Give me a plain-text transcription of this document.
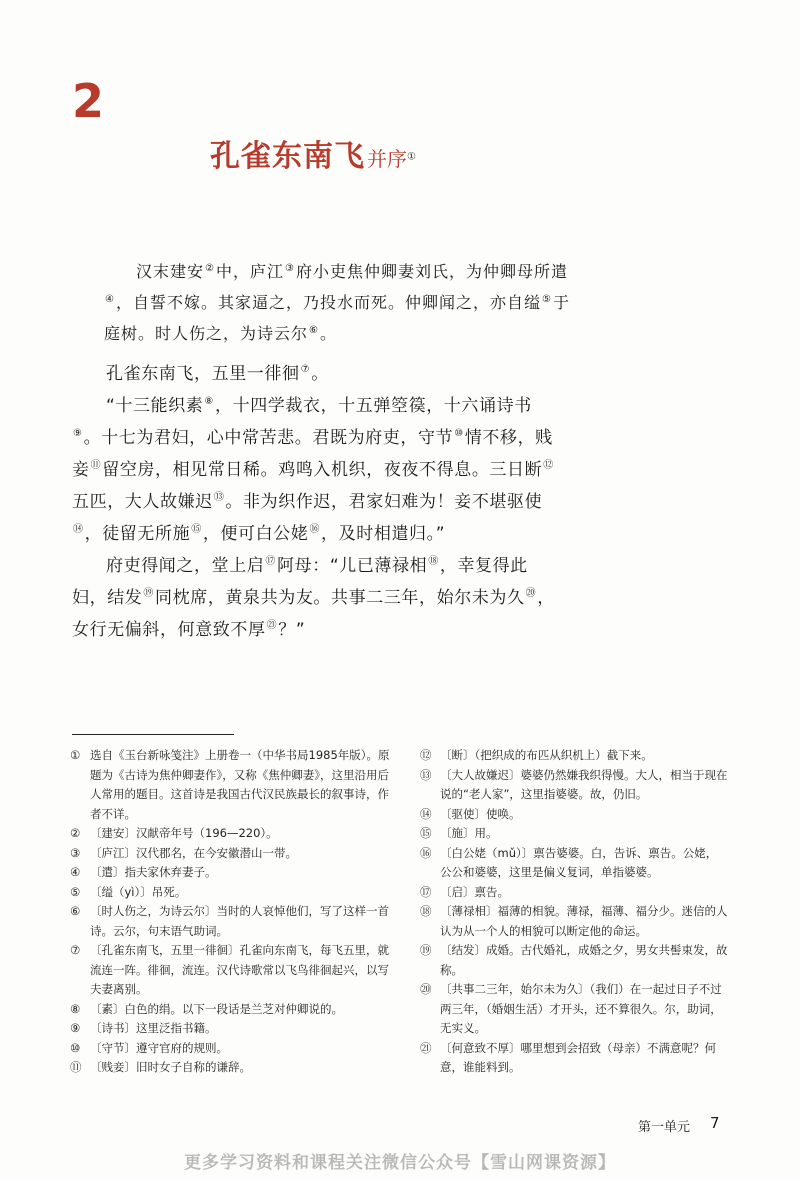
2
孔雀东南飞 并序①

汉末建安②中，庐江③府小吏焦仲卿妻刘氏，为仲卿母所遣④，自誓不嫁。其家逼之，乃投水而死。仲卿闻之，亦自缢⑤于庭树。时人伤之，为诗云尔⑥。

孔雀东南飞，五里一徘徊⑦。

“十三能织素⑧，十四学裁衣，十五弹箜篌，十六诵诗书⑨。十七为君妇，心中常苦悲。君既为府吏，守节⑩情不移，贱妾⑪留空房，相见常日稀。鸡鸣入机织，夜夜不得息。三日断⑫五匹，大人故嫌迟⑬。非为织作迟，君家妇难为！妾不堪驱使⑭，徒留无所施⑮，便可白公姥⑯，及时相遣归。”

府吏得闻之，堂上启⑰阿母：“儿已薄禄相⑱，幸复得此妇，结发⑲同枕席，黄泉共为友。共事二三年，始尔未为久⑳，女行无偏斜，何意致不厚$^㉑$？”

① 选自《玉台新咏笺注》上册卷一（中华书局1985年版）。原题为《古诗为焦仲卿妻作》，又称《焦仲卿妻》，这里沿用后人常用的题目。这首诗是我国古代汉民族最长的叙事诗，作者不详。
② 〔建安〕汉献帝年号（196—220）。
③ 〔庐江〕汉代郡名，在今安徽潜山一带。
④ 〔遣〕指夫家休弃妻子。
⑤ 〔缢（yì）〕吊死。
⑥ 〔时人伤之，为诗云尔〕当时的人哀悼他们，写了这样一首诗。云尔，句末语气助词。
⑦ 〔孔雀东南飞，五里一徘徊〕孔雀向东南飞，每飞五里，就流连一阵。徘徊，流连。汉代诗歌常以飞鸟徘徊起兴，以写夫妻离别。
⑧ 〔素〕白色的绢。以下一段话是兰芝对仲卿说的。
⑨ 〔诗书〕这里泛指书籍。
⑩ 〔守节〕遵守官府的规则。
⑪ 〔贱妾〕旧时女子自称的谦辞。
⑫ 〔断〕（把织成的布匹从织机上）截下来。
⑬ 〔大人故嫌迟〕婆婆仍然嫌我织得慢。大人，相当于现在说的“老人家”，这里指婆婆。故，仍旧。
⑭ 〔驱使〕使唤。
⑮ 〔施〕用。
⑯ 〔白公姥（mǔ）〕禀告婆婆。白，告诉、禀告。公姥，公公和婆婆，这里是偏义复词，单指婆婆。
⑰ 〔启〕禀告。
⑱ 〔薄禄相〕福薄的相貌。薄禄，福薄、福分少。迷信的人认为从一个人的相貌可以断定他的命运。
⑲ 〔结发〕成婚。古代婚礼，成婚之夕，男女共髻束发，故称。
⑳ 〔共事二三年，始尔未为久〕（我们）在一起过日子不过两三年，（婚姻生活）才开头，还不算很久。尔，助词，无实义。
㉑ 〔何意致不厚〕哪里想到会招致（母亲）不满意呢？何意，谁能料到。
第一单元 7
更多学习资料和课程关注微信公众号【雪山网课资源】
